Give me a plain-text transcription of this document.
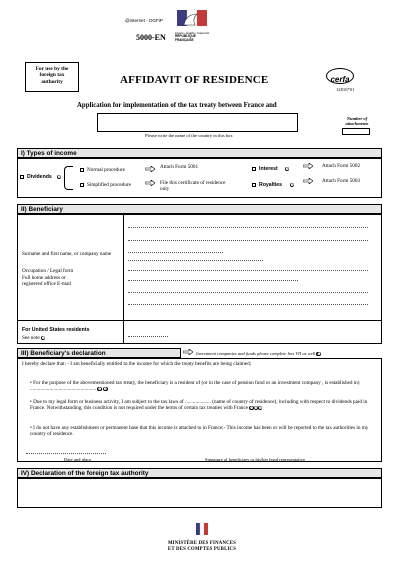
@internet - DGFiP
Liberté • Égalité • Fraternité
RÉPUBLIQUE FRANÇAISE
5000-EN
For use by the foreign tax authority	AFFIDAVIT OF RESIDENCE	cerfa
12816*01
Application for implementation of the tax treaty between France and
Please write the name of the country in this box
Number of attachments
I) Types of income
Dividends ❷
Normal procedure
Simplified procedure
Attach Form 5001
File this certificate of residence only
Interest ❸
Royalties	❹
Attach Form 5002
Attach Form 5003
II) Beneficiary
Surname and first name, or company name
Occupation / Legal form
Full home address or registered office E-mail
For United States residents
See note ❶
III) Beneficiary's declaration	Investment companies and funds please complete box VII as well ❺
I hereby declare that: - I am beneficially entitled to the income for which the treaty benefits are being claimed;
• For the purpose of the abovementioned tax treaty, the beneficiary is a resident of (or in the case of pension fund or an investment company , is established in) ................................................... ❶ ❷
• Due to my legal form or business activity, I am subject to the tax laws of .................... (name of country of residence), including with respect to dividends paid in France. Notwithstanding, this condition is not required under the terms of certain tax treaties with France ❸❹❺
• I do not have any establishment or permanent base that this income is attached to in France;- This income has been or will be reported to the tax authorities in my country of residence.
Date and place	Signature of beneficiary or his/her legal representative
IV) Declaration of the foreign tax authority
MINISTÈRE DES FINANCES
ET DES COMPTES PUBLICS
